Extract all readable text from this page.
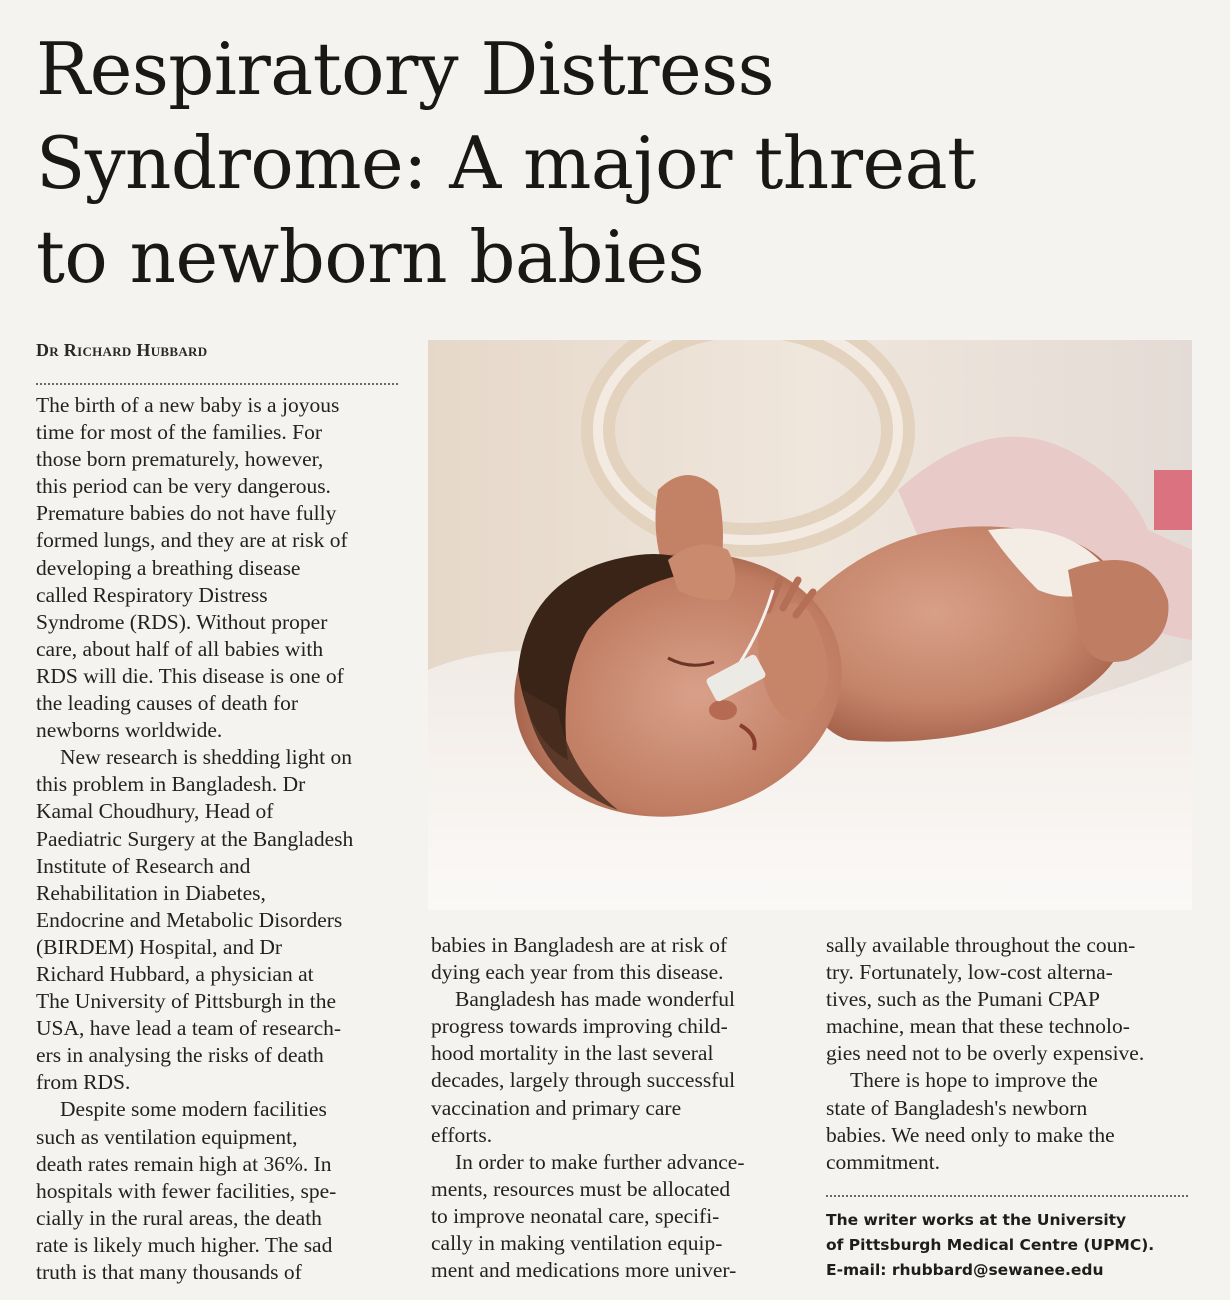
Respiratory Distress
Syndrome: A major threat
to newborn babies
Dr Richard Hubbard

The birth of a new baby is a joyous
time for most of the families. For
those born prematurely, however,
this period can be very dangerous.
Premature babies do not have fully
formed lungs, and they are at risk of
developing a breathing disease
called Respiratory Distress
Syndrome (RDS). Without proper
care, about half of all babies with
RDS will die. This disease is one of
the leading causes of death for
newborns worldwide.

New research is shedding light on
this problem in Bangladesh. Dr
Kamal Choudhury, Head of
Paediatric Surgery at the Bangladesh
Institute of Research and
Rehabilitation in Diabetes,
Endocrine and Metabolic Disorders
(BIRDEM) Hospital, and Dr
Richard Hubbard, a physician at
The University of Pittsburgh in the
USA, have lead a team of research-
ers in analysing the risks of death
from RDS.

Despite some modern facilities
such as ventilation equipment,
death rates remain high at 36%. In
hospitals with fewer facilities, spe-
cially in the rural areas, the death
rate is likely much higher. The sad
truth is that many thousands of

babies in Bangladesh are at risk of
dying each year from this disease.

Bangladesh has made wonderful
progress towards improving child-
hood mortality in the last several
decades, largely through successful
vaccination and primary care
efforts.

In order to make further advance-
ments, resources must be allocated
to improve neonatal care, specifi-
cally in making ventilation equip-
ment and medications more univer-

sally available throughout the coun-
try. Fortunately, low-cost alterna-
tives, such as the Pumani CPAP
machine, mean that these technolo-
gies need not to be overly expensive.

There is hope to improve the
state of Bangladesh's newborn
babies. We need only to make the
commitment.

The writer works at the University
of Pittsburgh Medical Centre (UPMC).
E-mail: rhubbard@sewanee.edu
